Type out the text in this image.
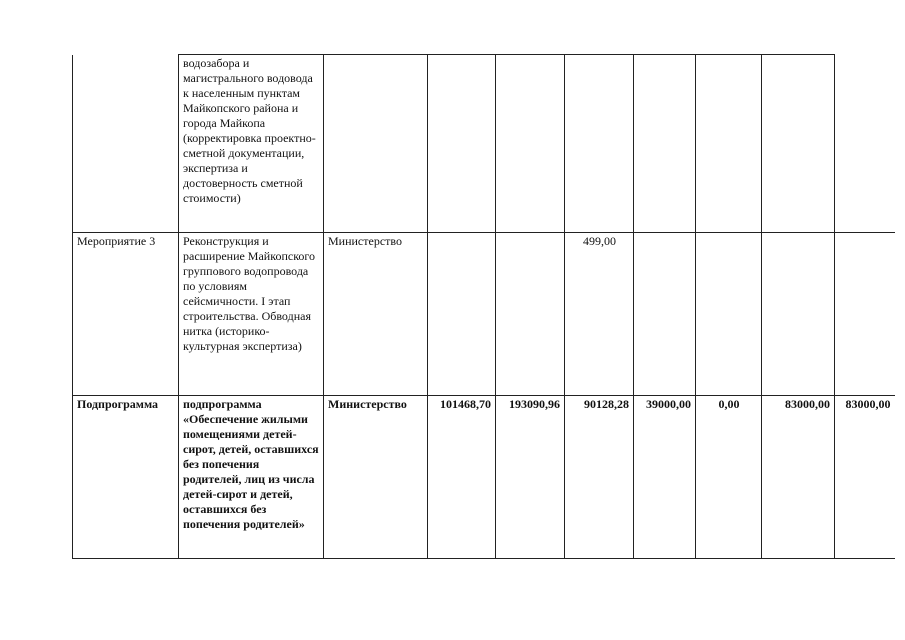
	водозабора и магистрального водовода к населенным пунктам Майкопского района и города Майкопа (корректировка проектно-сметной документации, экспертиза и достоверность сметной стоимости)								
Мероприятие 3	Реконструкция и расширение Майкопского группового водопровода по условиям сейсмичности. I этап строительства. Обводная нитка (историко-культурная экспертиза)	Министерство			499,00				
Подпрограмма	подпрограмма «Обеспечение жилыми помещениями детей-сирот, детей, оставшихся без попечения родителей, лиц из числа детей-сирот и детей, оставшихся без попечения родителей»	Министерство	101468,70	193090,96	90128,28	39000,00	0,00	83000,00	83000,00
